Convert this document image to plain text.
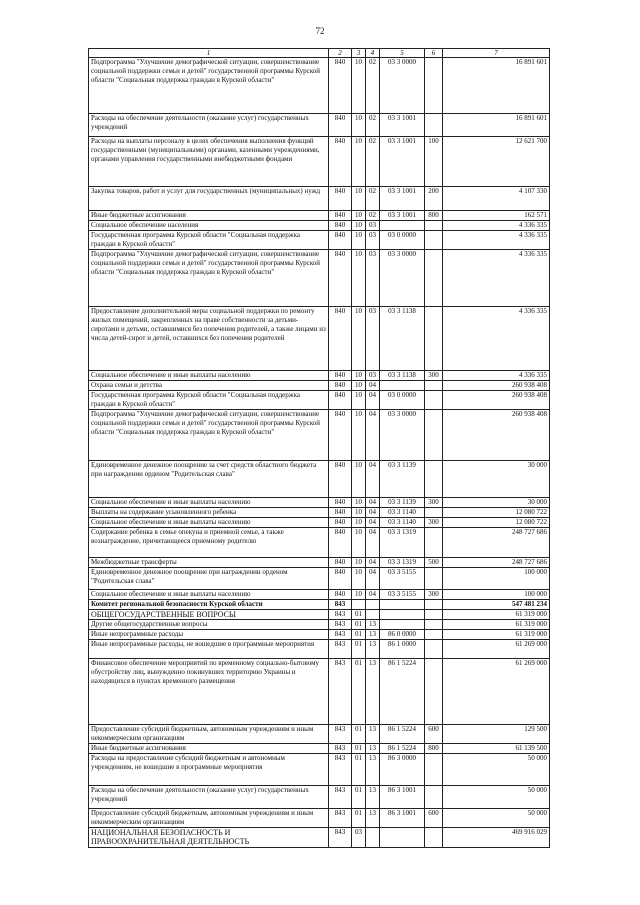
72
1	2	3	4	5	6	7
Подпрограмма "Улучшение демографической ситуации, совершенствование социальной поддержки семьи и детей" государственной программы Курской области "Социальная поддержка граждан в Курской области"	840	10	02	03 3 0000		16 891 601
Расходы на обеспечение деятельности (оказание услуг) государственных учреждений	840	10	02	03 3 1001		16 891 601
Расходы на выплаты персоналу в целях обеспечения выполнения функций государственными (муниципальными) органами, казенными учреждениями, органами управления государственными внебюджетными фондами	840	10	02	03 3 1001	100	12 621 700
Закупка товаров, работ и услуг для государственных (муниципальных) нужд	840	10	02	03 3 1001	200	4 107 330
Иные бюджетные ассигнования	840	10	02	03 3 1001	800	162 571
Социальное обеспечение населения	840	10	03			4 336 335
Государственная программа Курской области "Социальная поддержка граждан в Курской области"	840	10	03	03 0 0000		4 336 335
Подпрограмма "Улучшение демографической ситуации, совершенствование социальной поддержки семьи и детей" государственной программы Курской области "Социальная поддержка граждан в Курской области"	840	10	03	03 3 0000		4 336 335
Предоставление дополнительной меры социальной поддержки по ремонту жилых помещений, закрепленных на праве собственности за детьми-сиротами и детьми, оставшимися без попечения родителей, а также лицами из числа детей-сирот и детей, оставшихся без попечения родителей	840	10	03	03 3 1138		4 336 335
Социальное обеспечение и иные выплаты населению	840	10	03	03 3 1138	300	4 336 335
Охрана семьи и детства	840	10	04			260 938 408
Государственная программа Курской области "Социальная поддержка граждан в Курской области"	840	10	04	03 0 0000		260 938 408
Подпрограмма "Улучшение демографической ситуации, совершенствование социальной поддержки семьи и детей" государственной программы Курской области "Социальная поддержка граждан в Курской области"	840	10	04	03 3 0000		260 938 408
Единовременное денежное поощрение за счет средств областного бюджета при награждении орденом "Родительская слава"	840	10	04	03 3 1139		30 000
Социальное обеспечение и иные выплаты населению	840	10	04	03 3 1139	300	30 000
Выплаты на содержание усыновленного ребенка	840	10	04	03 3 1140		12 080 722
Социальное обеспечение и иные выплаты населению	840	10	04	03 3 1140	300	12 080 722
Содержание ребенка в семье опекуна и приемной семье, а также вознаграждение, причитающееся приемному родителю	840	10	04	03 3 1319		248 727 686
Межбюджетные трансферты	840	10	04	03 3 1319	500	248 727 686
Единовременное денежное поощрение при награждении орденом "Родительская слава"	840	10	04	03 3 5155		100 000
Социальное обеспечение и иные выплаты населению	840	10	04	03 3 5155	300	100 000
Комитет региональной безопасности Курской области	843					547 481 234
ОБЩЕГОСУДАРСТВЕННЫЕ ВОПРОСЫ	843	01				61 319 000
Другие общегосударственные вопросы	843	01	13			61 319 000
Иные непрограммные расходы	843	01	13	86 0 0000		61 319 000
Иные непрограммные расходы, не вошедшие в программные мероприятия	843	01	13	86 1 0000		61 269 000
Финансовое обеспечение мероприятий по временному социально-бытовому обустройству лиц, вынужденно покинувших территорию Украины и находящихся в пунктах временного размещения	843	01	13	86 1 5224		61 269 000
Предоставление субсидий бюджетным, автономным учреждениям и иным некоммерческим организациям	843	01	13	86 1 5224	600	129 500
Иные бюджетные ассигнования	843	01	13	86 1 5224	800	61 139 500
Расходы на предоставление субсидий бюджетным и автономным учреждениям, не вошедшие в программные мероприятия	843	01	13	86 3 0000		50 000
Расходы на обеспечение деятельности (оказание услуг) государственных учреждений	843	01	13	86 3 1001		50 000
Предоставление субсидий бюджетным, автономным учреждениям и иным некоммерческим организациям	843	01	13	86 3 1001	600	50 000
НАЦИОНАЛЬНАЯ БЕЗОПАСНОСТЬ И ПРАВООХРАНИТЕЛЬНАЯ ДЕЯТЕЛЬНОСТЬ	843	03				469 916 029
